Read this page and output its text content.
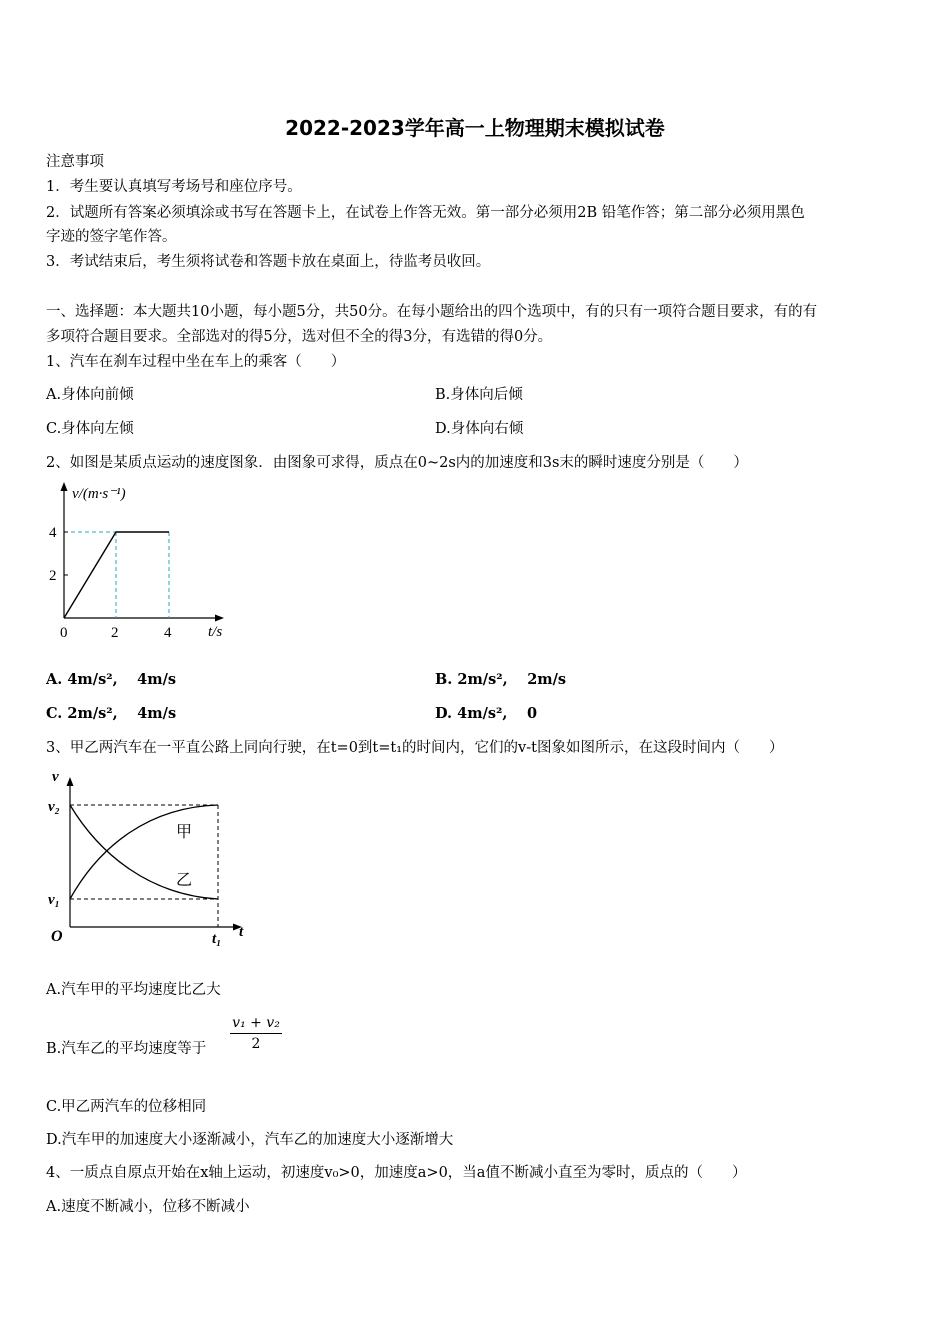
2022-2023学年高一上物理期末模拟试卷
注意事项
1．考生要认真填写考场号和座位序号。
2．试题所有答案必须填涂或书写在答题卡上，在试卷上作答无效。第一部分必须用2B 铅笔作答；第二部分必须用黑色
字迹的签字笔作答。
3．考试结束后，考生须将试卷和答题卡放在桌面上，待监考员收回。
一、选择题：本大题共10小题，每小题5分，共50分。在每小题给出的四个选项中，有的只有一项符合题目要求，有的有
多项符合题目要求。全部选对的得5分，选对但不全的得3分，有选错的得0分。
1、汽车在刹车过程中坐在车上的乘客（　　）
A.身体向前倾	B.身体向后倾
C.身体向左倾	D.身体向右倾
2、如图是某质点运动的速度图象．由图象可求得，质点在0~2s内的加速度和3s末的瞬时速度分别是（　　）
v/(m·s⁻¹)
4
2
0	2	4 t/s
A. 4m/s², 　4m/s	B. 2m/s², 　2m/s
C. 2m/s², 　4m/s	D. 4m/s², 　0
3、甲乙两汽车在一平直公路上同向行驶，在t=0到t=t₁的时间内，它们的v-t图象如图所示，在这段时间内（　　）
v
v₂
v₁
O	t₁ t
甲
乙
A.汽车甲的平均速度比乙大
B.汽车乙的平均速度等于
v₁ + v₂
2
C.甲乙两汽车的位移相同
D.汽车甲的加速度大小逐渐减小，汽车乙的加速度大小逐渐增大
4、一质点自原点开始在x轴上运动，初速度v₀>0，加速度a>0，当a值不断减小直至为零时，质点的（　　）
A.速度不断减小，位移不断减小
